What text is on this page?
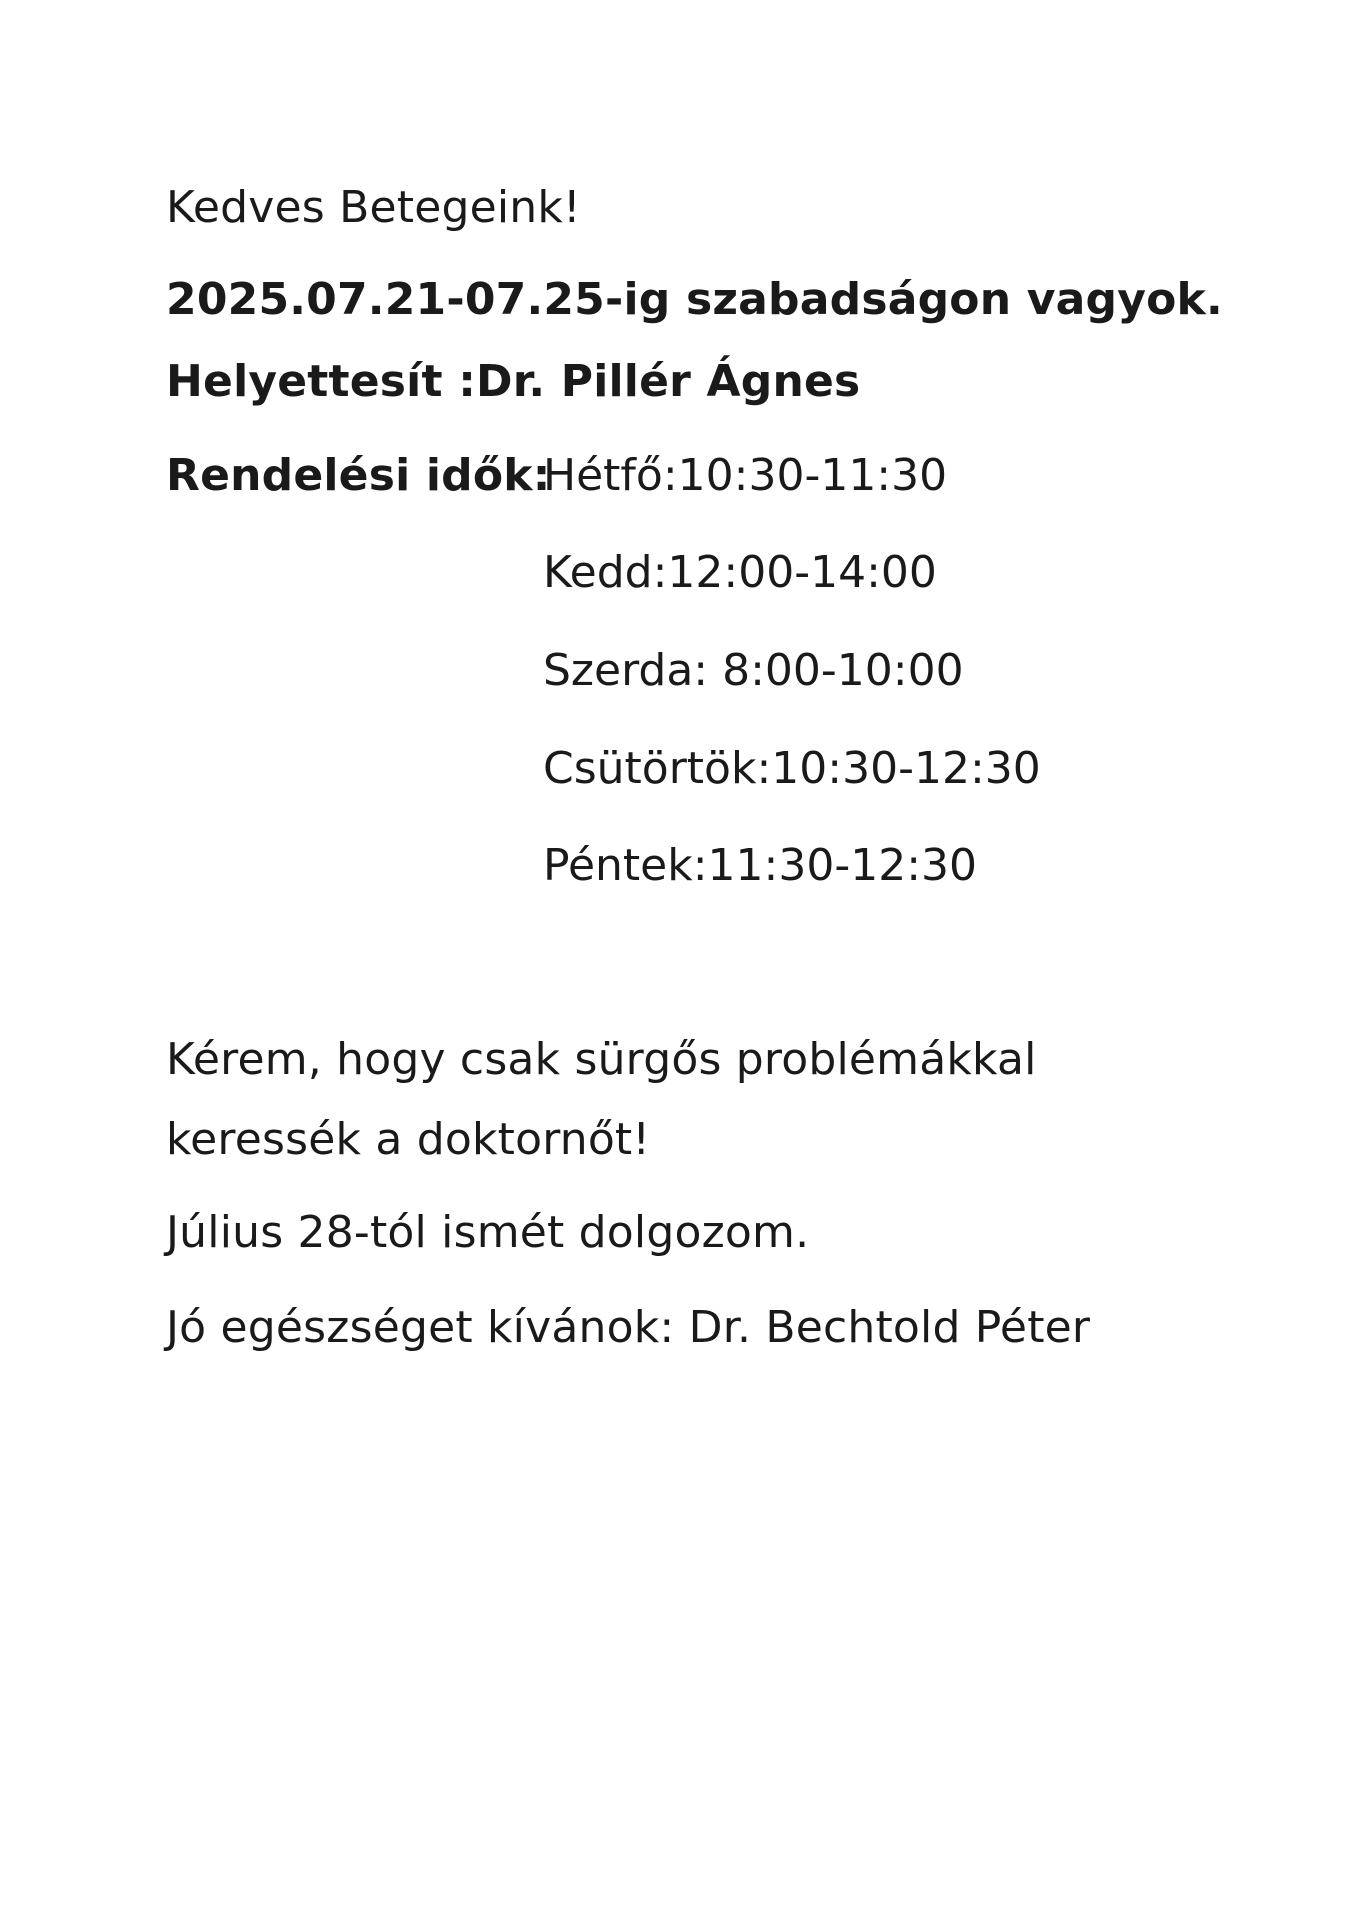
Kedves Betegeink!
2025.07.21-07.25-ig szabadságon vagyok.
Helyettesít :Dr. Pillér Ágnes
Rendelési idők:
Hétfő:10:30-11:30
Kedd:12:00-14:00
Szerda: 8:00-10:00
Csütörtök:10:30-12:30
Péntek:11:30-12:30
Kérem, hogy csak sürgős problémákkal
keressék a doktornőt!
Július 28-tól ismét dolgozom.
Jó egészséget kívánok: Dr. Bechtold Péter
